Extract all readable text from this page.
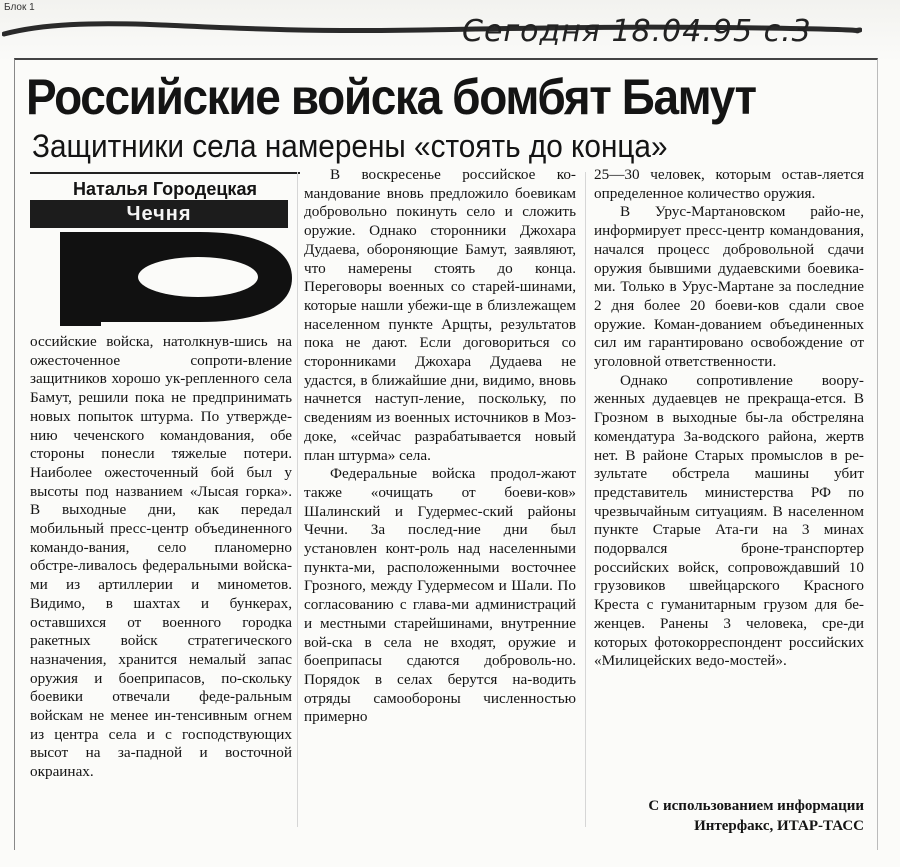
Блок 1
Сегодня 18.04.95 с.3
Российские войска бомбят Бамут
Защитники села намерены «стоять до конца»
Наталья Городецкая
Чечня

оссийские войска, натолкнув-шись на ожесточенное сопроти-вление защитников хорошо ук-репленного села Бамут, решили пока не предпринимать новых попыток штурма. По утвержде-нию чеченского командования, обе стороны понесли тяжелые потери. Наиболее ожесточенный бой был у высоты под названием «Лысая горка». В выходные дни, как передал мобильный пресс-центр объединенного командо-вания, село планомерно обстре-ливалось федеральными войска-ми из артиллерии и минометов. Видимо, в шахтах и бункерах, оставшихся от военного городка ракетных войск стратегического назначения, хранится немалый запас оружия и боеприпасов, по-скольку боевики отвечали феде-ральным войскам не менее ин-тенсивным огнем из центра села и с господствующих высот на за-падной и восточной окраинах.

В воскресенье российское ко-мандование вновь предложило боевикам добровольно покинуть село и сложить оружие. Однако сторонники Джохара Дудаева, обороняющие Бамут, заявляют, что намерены стоять до конца. Переговоры военных со старей-шинами, которые нашли убежи-ще в близлежащем населенном пункте Арщты, результатов пока не дают. Если договориться со сторонниками Джохара Дудаева не удастся, в ближайшие дни, видимо, вновь начнется наступ-ление, поскольку, по сведениям из военных источников в Моз-доке, «сейчас разрабатывается новый план штурма» села.

Федеральные войска продол-жают также «очищать от боеви-ков» Шалинский и Гудермес-ский районы Чечни. За послед-ние дни был установлен конт-роль над населенными пункта-ми, расположенными восточнее Грозного, между Гудермесом и Шали. По согласованию с глава-ми администраций и местными старейшинами, внутренние вой-ска в села не входят, оружие и боеприпасы сдаются доброволь-но. Порядок в селах берутся на-водить отряды самообороны численностью примерно

25—30 человек, которым остав-ляется определенное количество оружия.

В Урус-Мартановском райо-не, информирует пресс-центр командования, начался процесс добровольной сдачи оружия бывшими дудаевскими боевика-ми. Только в Урус-Мартане за последние 2 дня более 20 боеви-ков сдали свое оружие. Коман-дованием объединенных сил им гарантировано освобождение от уголовной ответственности.

Однако сопротивление воору-женных дудаевцев не прекраща-ется. В Грозном в выходные бы-ла обстреляна комендатура За-водского района, жертв нет. В районе Старых промыслов в ре-зультате обстрела машины убит представитель министерства РФ по чрезвычайным ситуациям. В населенном пункте Старые Ата-ги на 3 минах подорвался броне-транспортер российских войск, сопровождавший 10 грузовиков швейцарского Красного Креста с гуманитарным грузом для бе-женцев. Ранены 3 человека, сре-ди которых фотокорреспондент российских «Милицейских ведо-мостей».

С использованием информации
Интерфакс, ИТАР-ТАСС
